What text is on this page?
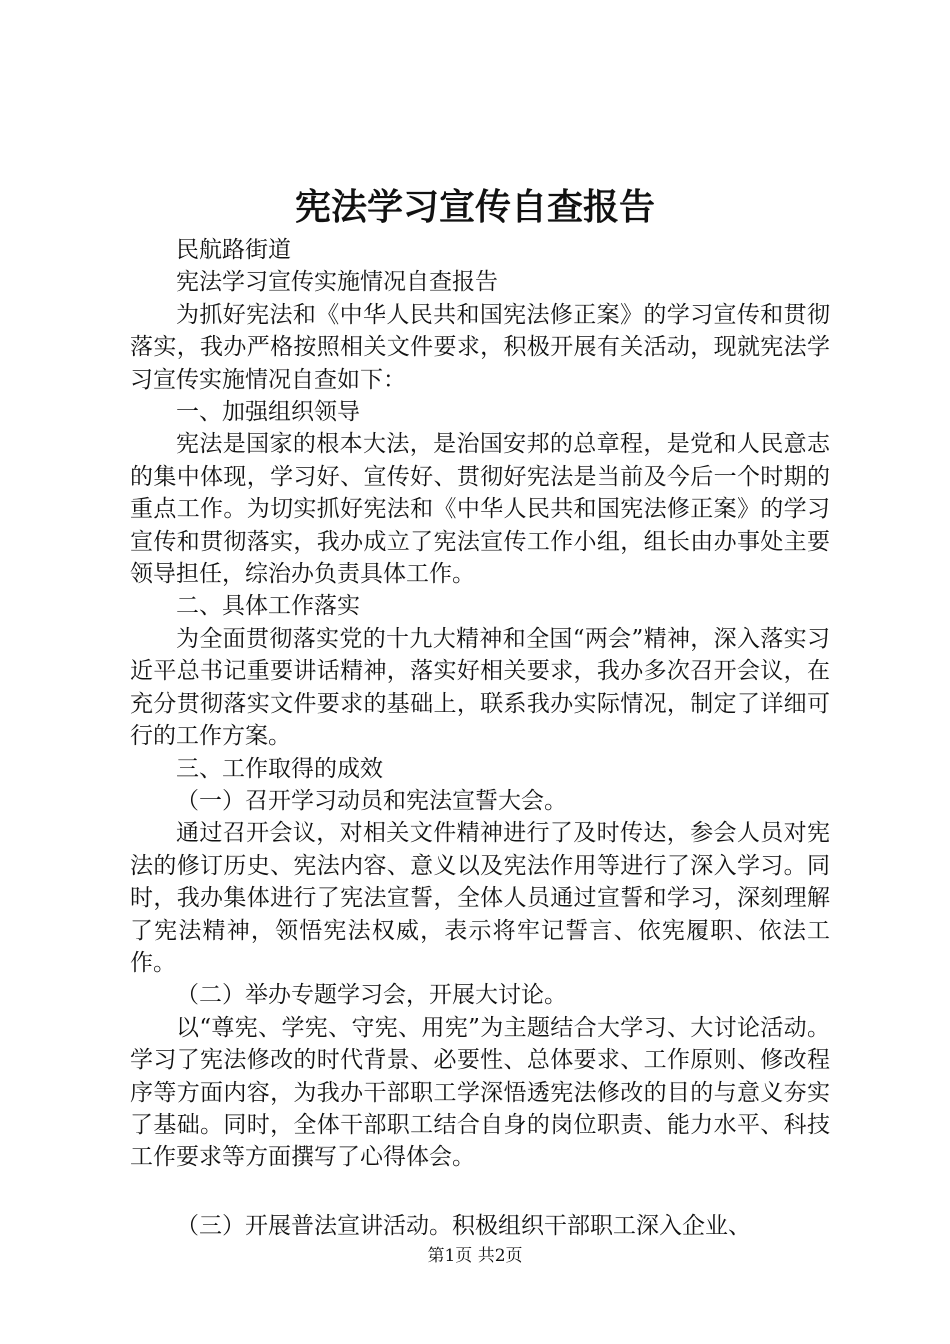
宪法学习宣传自查报告

民航路街道

宪法学习宣传实施情况自查报告

为抓好宪法和《中华人民共和国宪法修正案》的学习宣传和贯彻落实，我办严格按照相关文件要求，积极开展有关活动，现就宪法学习宣传实施情况自查如下：

一、加强组织领导

宪法是国家的根本大法，是治国安邦的总章程，是党和人民意志的集中体现，学习好、宣传好、贯彻好宪法是当前及今后一个时期的重点工作。为切实抓好宪法和《中华人民共和国宪法修正案》的学习宣传和贯彻落实，我办成立了宪法宣传工作小组，组长由办事处主要领导担任，综治办负责具体工作。

二、具体工作落实

为全面贯彻落实党的十九大精神和全国“两会”精神，深入落实习近平总书记重要讲话精神，落实好相关要求，我办多次召开会议，在充分贯彻落实文件要求的基础上，联系我办实际情况，制定了详细可行的工作方案。

三、工作取得的成效

（一）召开学习动员和宪法宣誓大会。

通过召开会议，对相关文件精神进行了及时传达，参会人员对宪法的修订历史、宪法内容、意义以及宪法作用等进行了深入学习。同时，我办集体进行了宪法宣誓，全体人员通过宣誓和学习，深刻理解了宪法精神，领悟宪法权威，表示将牢记誓言、依宪履职、依法工作。

（二）举办专题学习会，开展大讨论。

以“尊宪、学宪、守宪、用宪”为主题结合大学习、大讨论活动。学习了宪法修改的时代背景、必要性、总体要求、工作原则、修改程序等方面内容，为我办干部职工学深悟透宪法修改的目的与意义夯实了基础。同时，全体干部职工结合自身的岗位职责、能力水平、科技工作要求等方面撰写了心得体会。

（三）开展普法宣讲活动。积极组织干部职工深入企业、

第1页 共2页
